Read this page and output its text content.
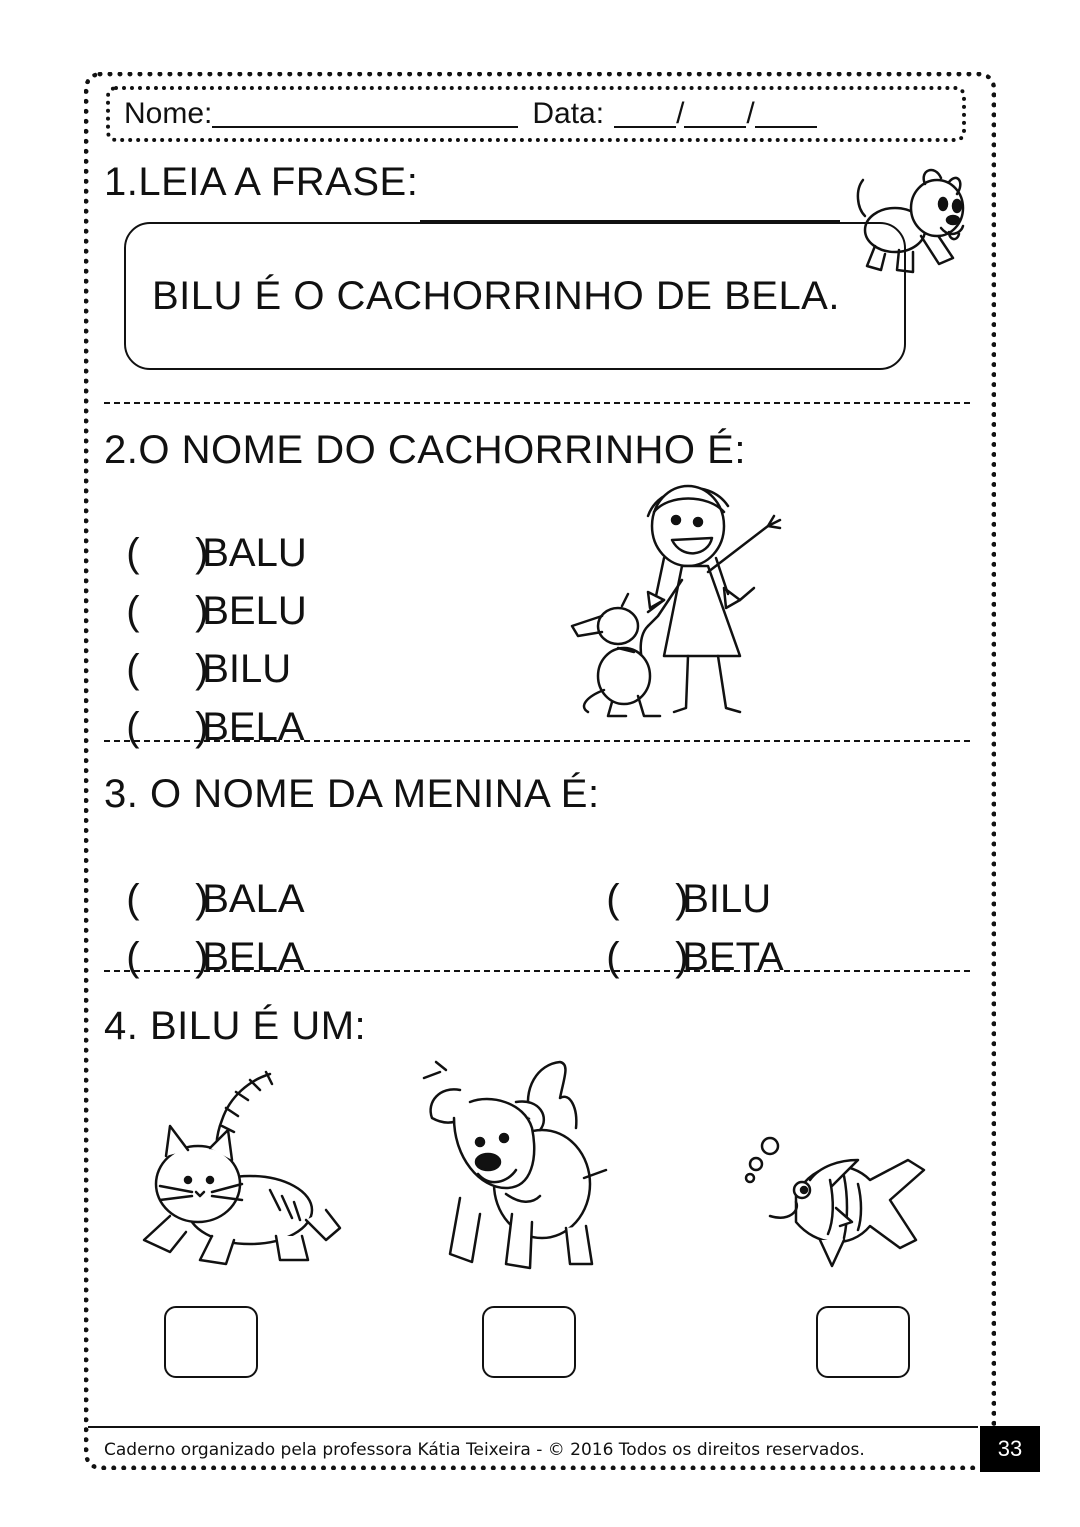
Nome:	Data: / /
1.LEIA A FRASE:
BILU É O CACHORRINHO DE BELA.
2.O NOME DO CACHORRINHO É:

(     )BALU

(     )BELU

(     )BILU

(     )BELA

3. O NOME DA MENINA É:

(     )BALA	(     )BILU

(     )BELA	(     )BETA

4. BILU É UM:
Caderno organizado pela professora Kátia Teixeira - © 2016 Todos os direitos reservados.	33
